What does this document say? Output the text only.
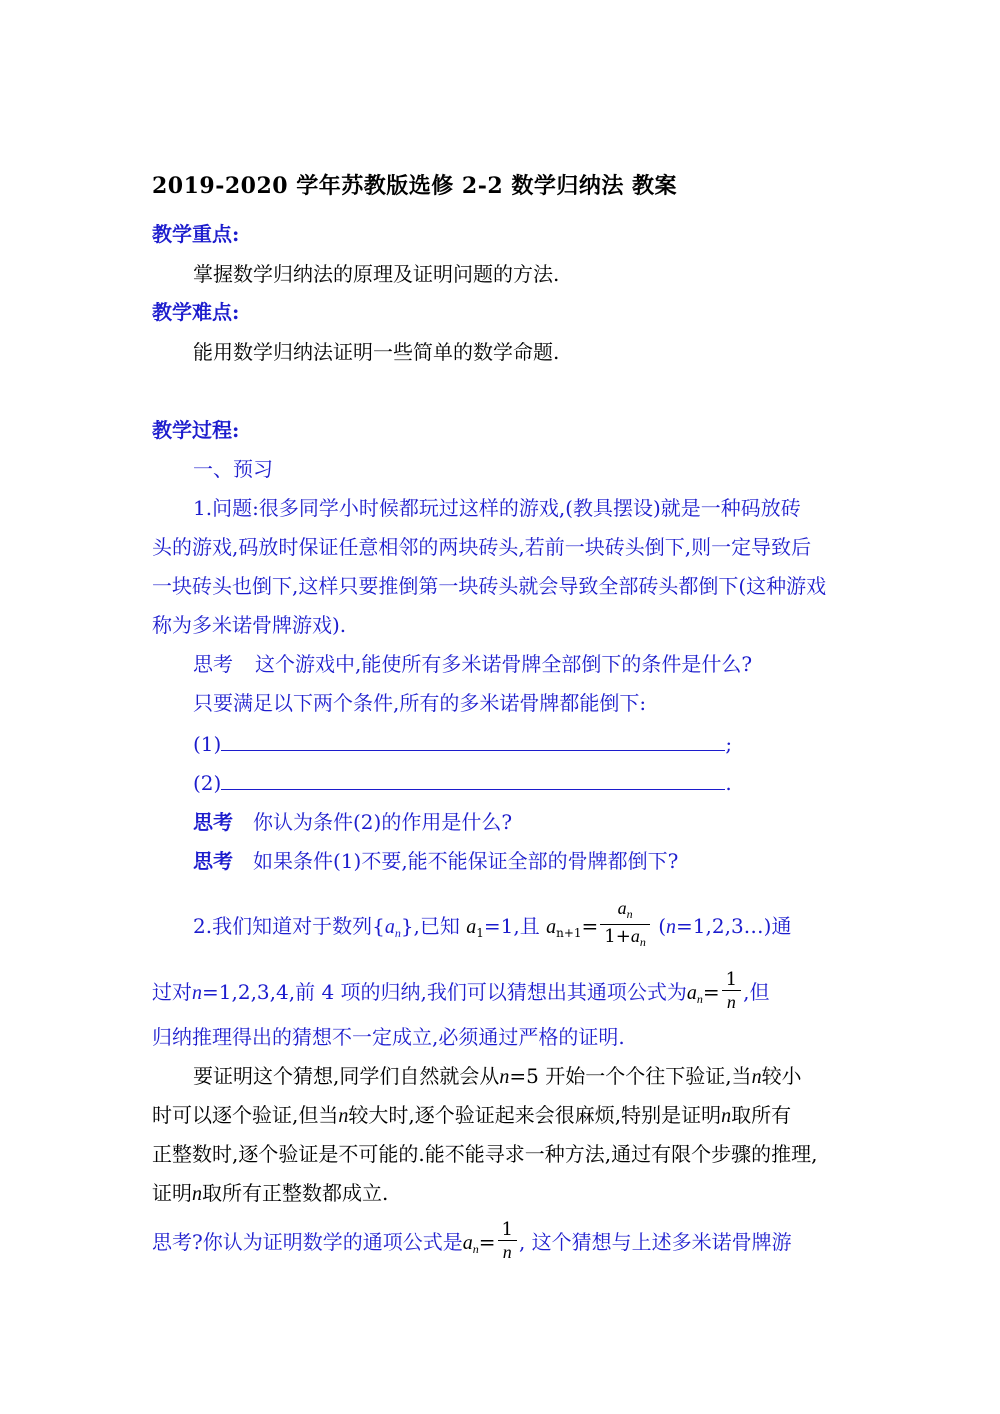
2019-2020 学年苏教版选修 2-2 数学归纳法 教案
教学重点:
掌握数学归纳法的原理及证明问题的方法.
教学难点:
能用数学归纳法证明一些简单的数学命题.
教学过程:
一、预习
1.问题:很多同学小时候都玩过这样的游戏,(教具摆设)就是一种码放砖
头的游戏,码放时保证任意相邻的两块砖头,若前一块砖头倒下,则一定导致后
一块砖头也倒下,这样只要推倒第一块砖头就会导致全部砖头都倒下(这种游戏
称为多米诺骨牌游戏).
思考 这个游戏中,能使所有多米诺骨牌全部倒下的条件是什么?
只要满足以下两个条件,所有的多米诺骨牌都能倒下:
(1)	;
(2)	.
思考 你认为条件(2)的作用是什么?
思考 如果条件(1)不要,能不能保证全部的骨牌都倒下?
2.我们知道对于数列$\{a_n\}$,已知 $a_1=1$,且 $a_{n+1}= \frac{a_n}{1+a_n}$ (n=1,2,3…)通
过对n=1,2,3,4,前 4 项的归纳,我们可以猜想出其通项公式为$a_n= \frac{1}{n}$ ,但
归纳推理得出的猜想不一定成立,必须通过严格的证明.
要证明这个猜想,同学们自然就会从n=5 开始一个个往下验证,当n较小
时可以逐个验证,但当n较大时,逐个验证起来会很麻烦,特别是证明n取所有
正整数时,逐个验证是不可能的.能不能寻求一种方法,通过有限个步骤的推理,
证明n取所有正整数都成立.
思考?你认为证明数学的通项公式是$a_n= \frac{1}{n}$ , 这个猜想与上述多米诺骨牌游
